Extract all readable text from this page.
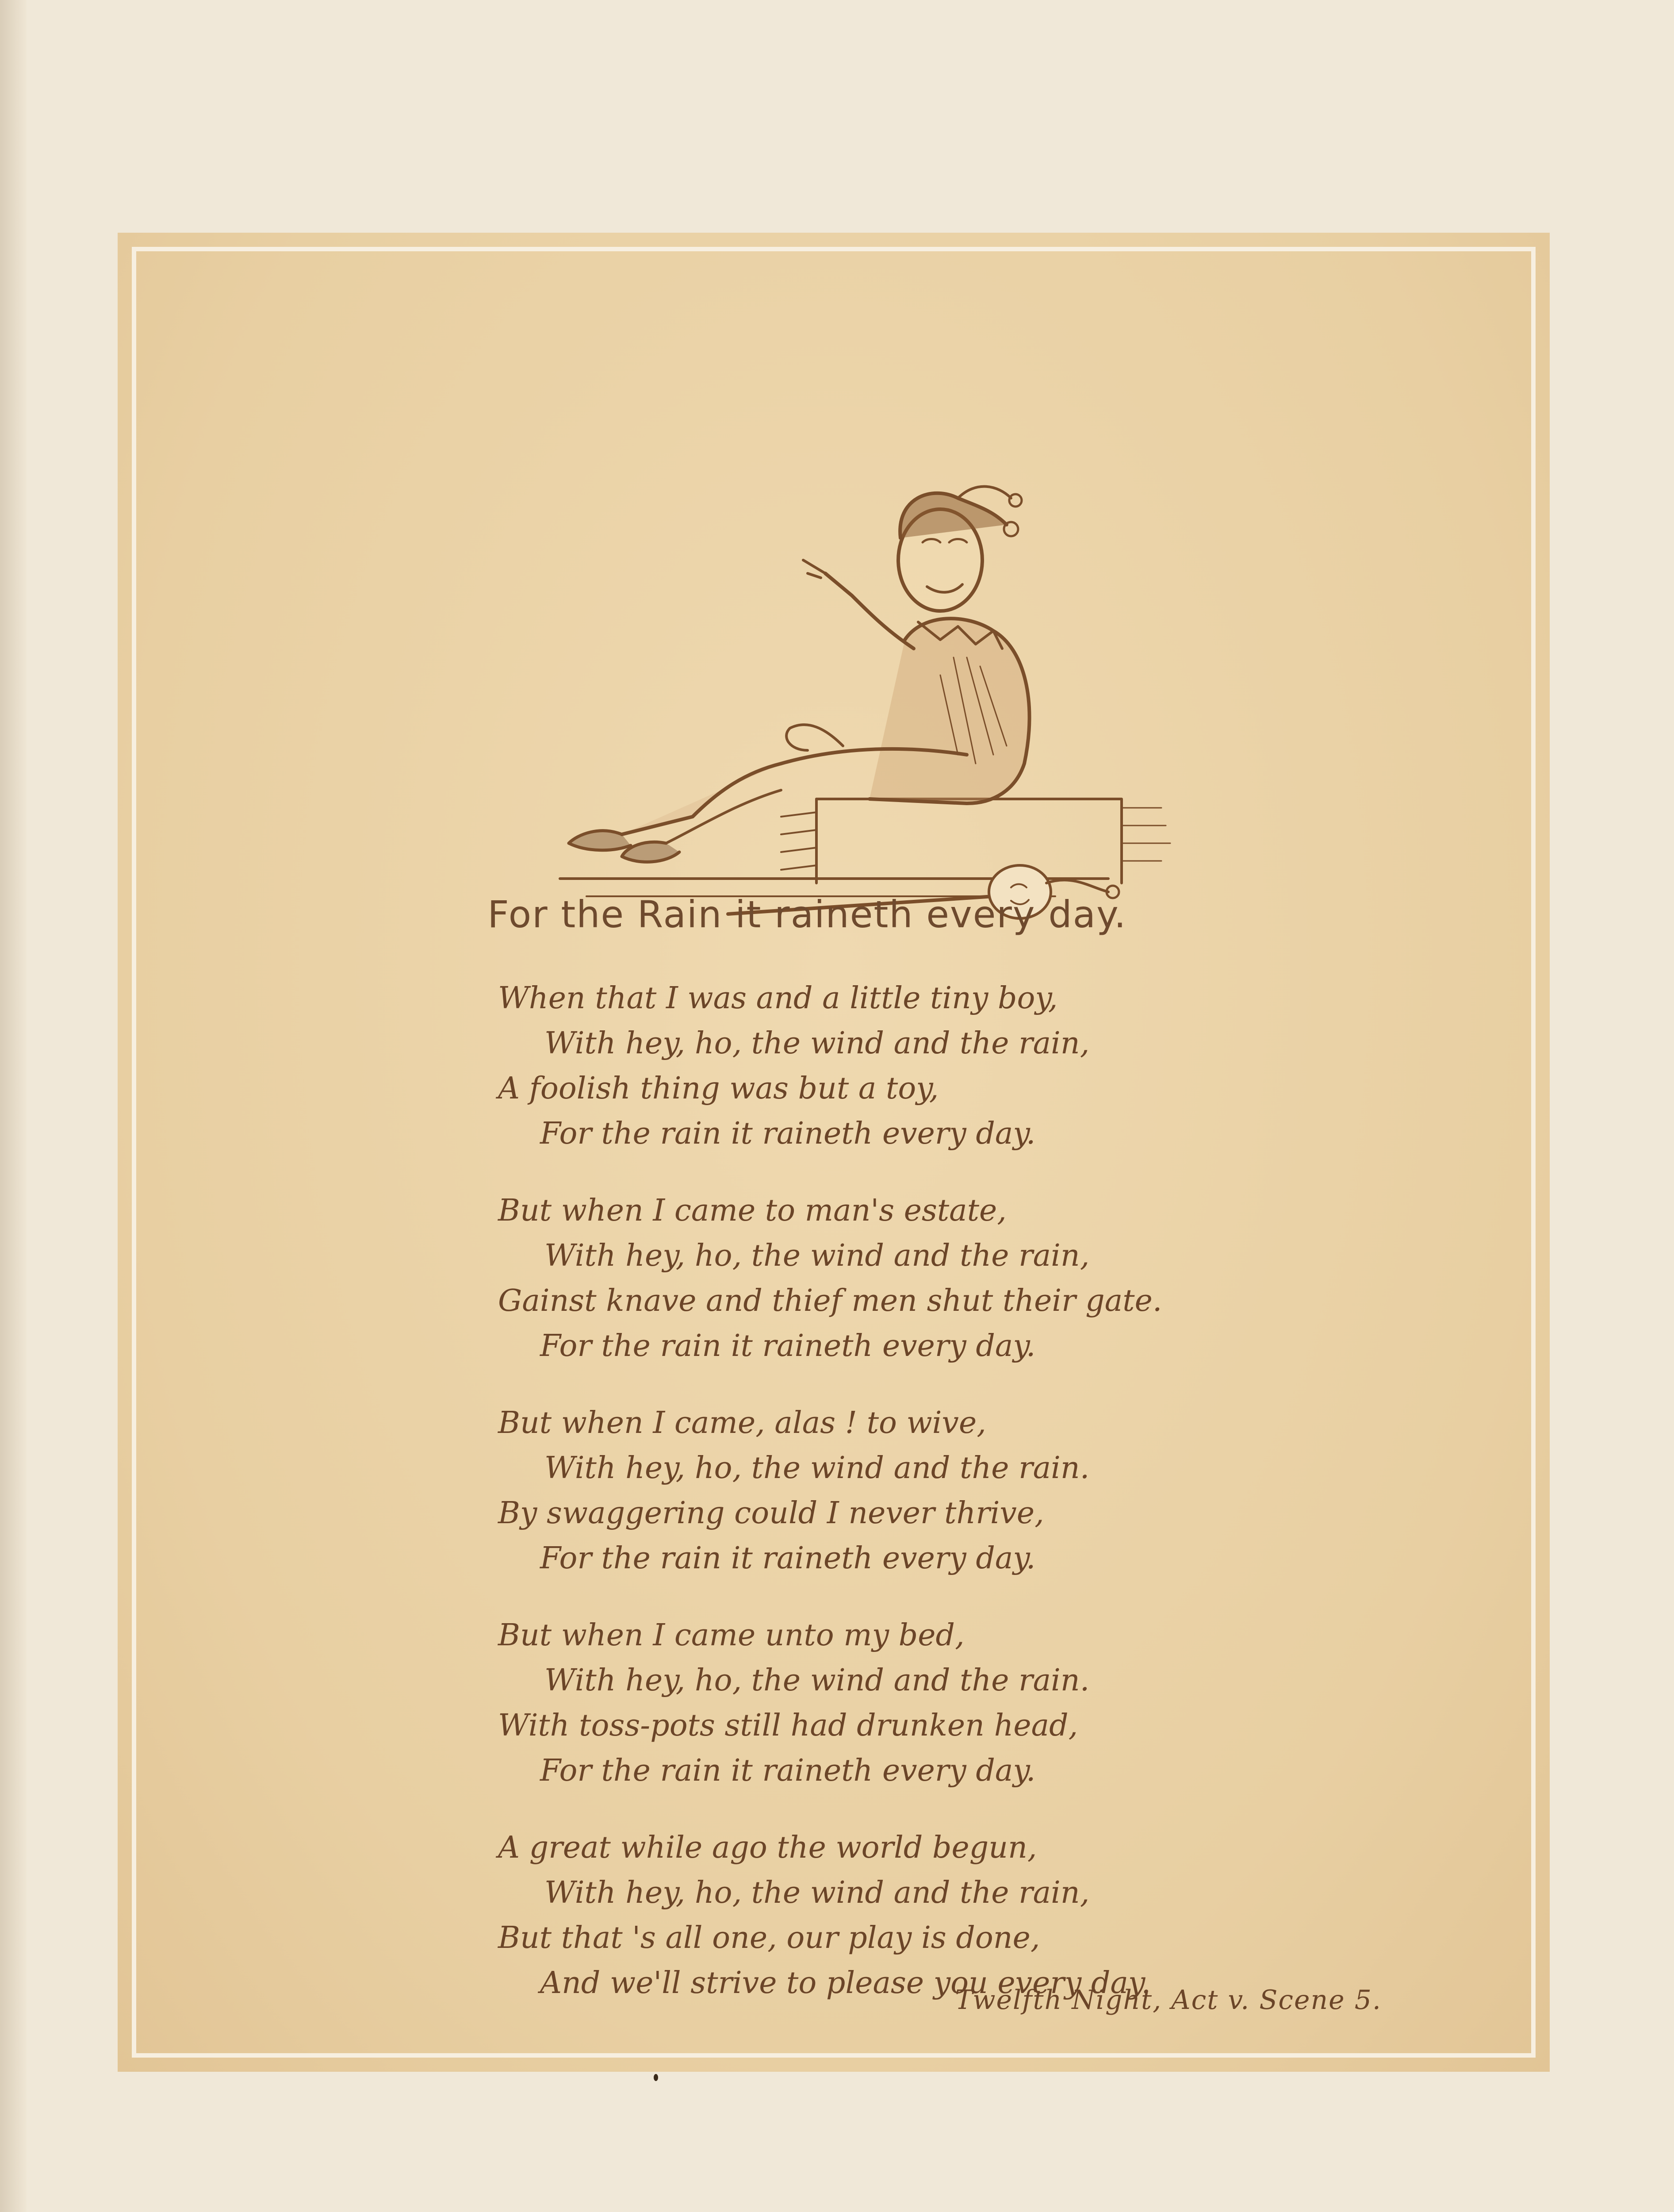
For the Rain it raineth every day.
When that I was and a little tiny boy,
With hey, ho, the wind and the rain,
A foolish thing was but a toy,
For the rain it raineth every day.
But when I came to man's estate,
With hey, ho, the wind and the rain,
Gainst knave and thief men shut their gate.
For the rain it raineth every day.
But when I came, alas ! to wive,
With hey, ho, the wind and the rain.
By swaggering could I never thrive,
For the rain it raineth every day.
But when I came unto my bed,
With hey, ho, the wind and the rain.
With toss-pots still had drunken head,
For the rain it raineth every day.
A great while ago the world begun,
With hey, ho, the wind and the rain,
But that 's all one, our play is done,
And we'll strive to please you every day.
Twelfth Night, Act v. Scene 5.
